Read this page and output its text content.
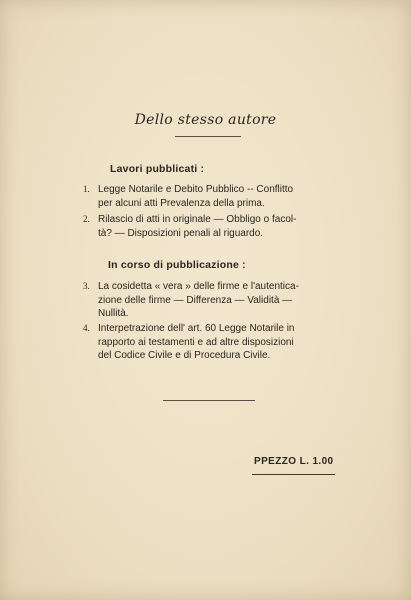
Dello stesso autore
Lavori pubblicati :
1. Legge Notarile e Debito Pubblico -- Conflitto
per alcuni atti Prevalenza della prima.
2. Rilascio di atti in originale — Obbligo o facol-
tà? — Disposizioni penali al riguardo.
In corso di pubblicazione :
3. La cosidetta « vera » delle firme e l'autentica-
zione delle firme — Differenza — Validità —
Nullità.
4. Interpetrazione dell' art. 60 Legge Notarile in
rapporto ai testamenti e ad altre disposizioni
del Codice Civile e di Procedura Civile.
PPEZZO L. 1.00
